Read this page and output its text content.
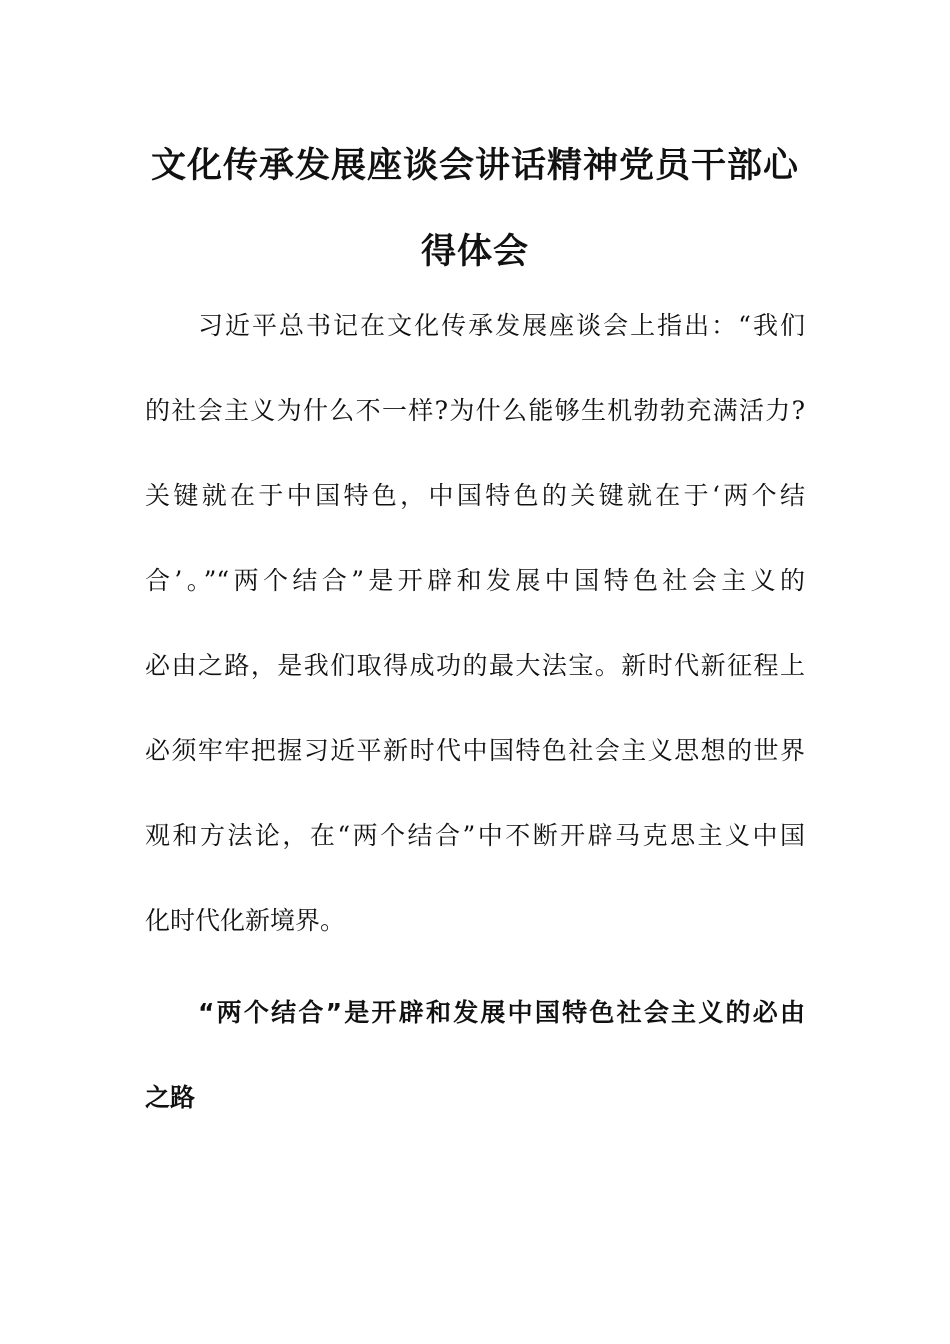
文化传承发展座谈会讲话精神党员干部心
得体会

习近平总书记在文化传承发展座谈会上指出：“我们

的社会主义为什么不一样?为什么能够生机勃勃充满活力?

关键就在于中国特色，中国特色的关键就在于‘两个结

合’。”“两个结合”是开辟和发展中国特色社会主义的

必由之路，是我们取得成功的最大法宝。新时代新征程上

必须牢牢把握习近平新时代中国特色社会主义思想的世界

观和方法论，在“两个结合”中不断开辟马克思主义中国

化时代化新境界。

“两个结合”是开辟和发展中国特色社会主义的必由

之路
